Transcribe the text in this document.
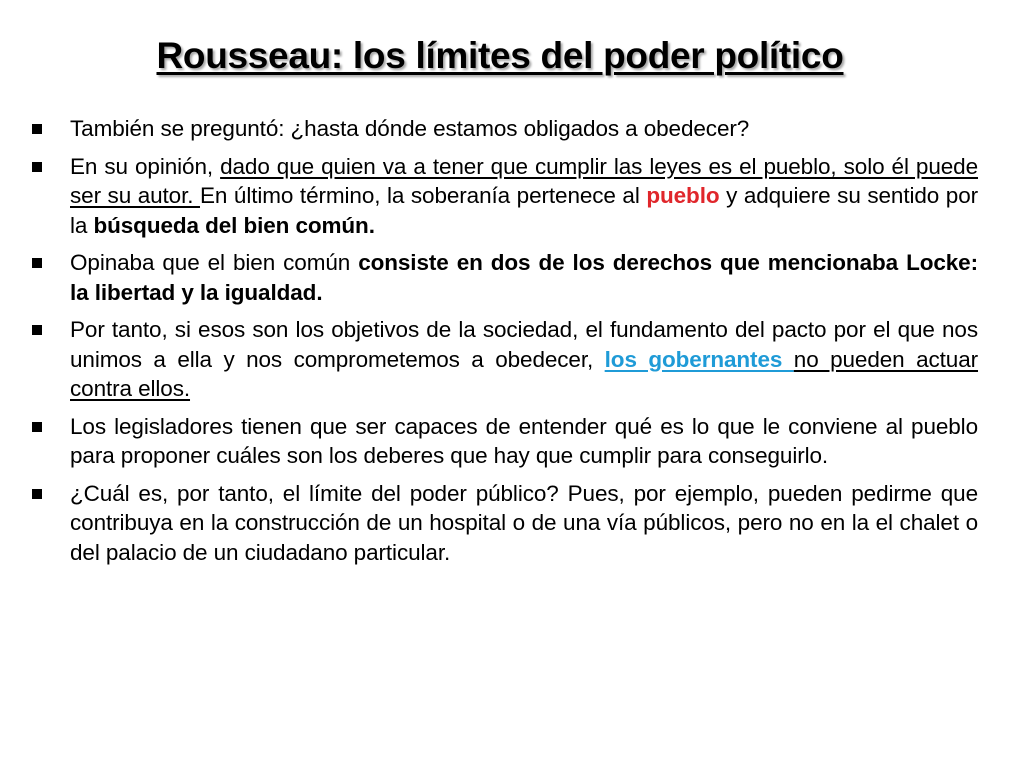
Rousseau: los límites del poder político
También se preguntó: ¿hasta dónde estamos obligados a obedecer?
En su opinión, dado que quien va a tener que cumplir las leyes es el pueblo, solo él puede ser su autor. En último término, la soberanía pertenece al pueblo y adquiere su sentido por la búsqueda del bien común.
Opinaba que el bien común consiste en dos de los derechos que mencionaba Locke: la libertad y la igualdad.
Por tanto, si esos son los objetivos de la sociedad, el fundamento del pacto por el que nos unimos a ella y nos comprometemos a obedecer, los gobernantes no pueden actuar contra ellos.
Los legisladores tienen que ser capaces de entender qué es lo que le conviene al pueblo para proponer cuáles son los deberes que hay que cumplir para conseguirlo.
¿Cuál es, por tanto, el límite del poder público? Pues, por ejemplo, pueden pedirme que contribuya en la construcción de un hospital o de una vía públicos, pero no en la el chalet o del palacio de un ciudadano particular.
